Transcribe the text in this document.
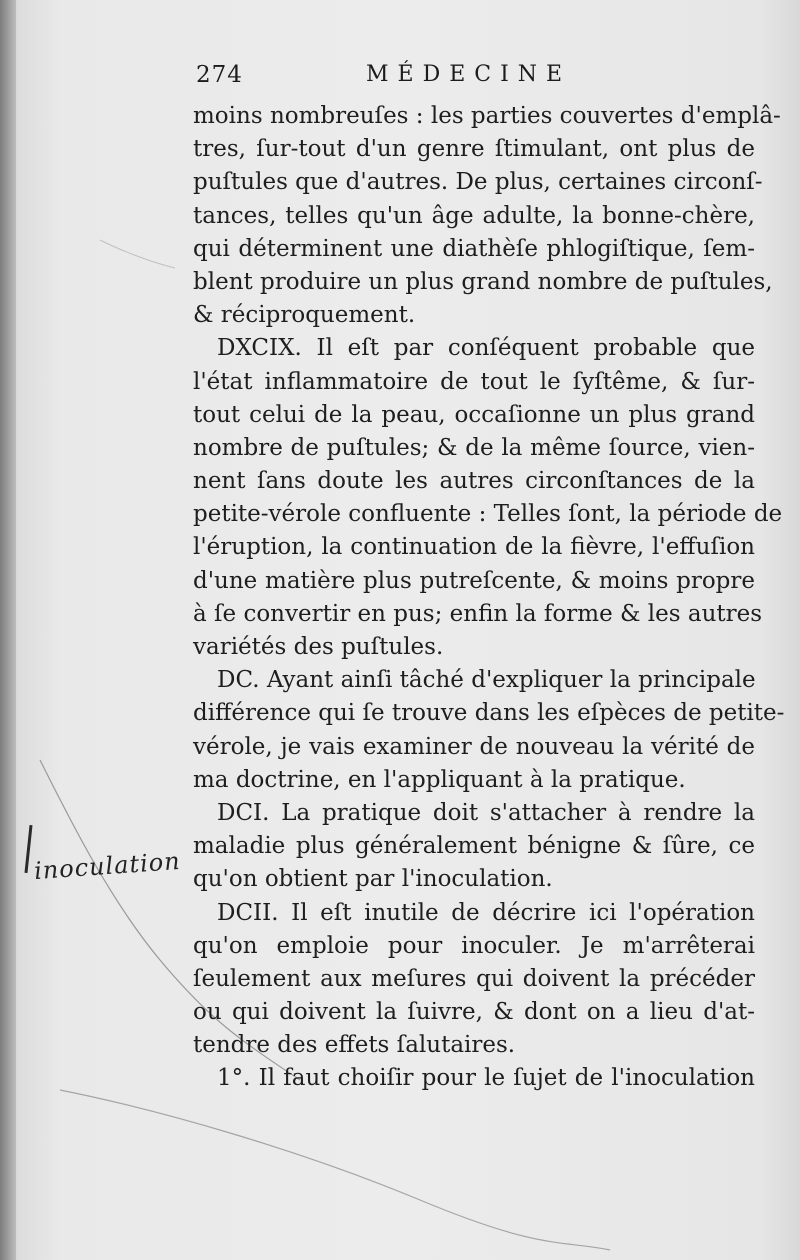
274	MÉDECINE
moins nombreuſes : les parties couvertes d'emplâ-
tres, ſur-tout d'un genre ſtimulant, ont plus de
puſtules que d'autres. De plus, certaines circonſ-
tances, telles qu'un âge adulte, la bonne-chère,
qui déterminent une diathèſe phlogiſtique, ſem-
blent produire un plus grand nombre de puſtules,
& réciproquement.
DXCIX. Il eſt par conſéquent probable que
l'état inflammatoire de tout le ſyſtême, & ſur-
tout celui de la peau, occaſionne un plus grand
nombre de puſtules; & de la même ſource, vien-
nent ſans doute les autres circonſtances de la
petite-vérole confluente : Telles ſont, la période de
l'éruption, la continuation de la fièvre, l'effuſion
d'une matière plus putreſcente, & moins propre
à ſe convertir en pus; enfin la forme & les autres
variétés des puſtules.
DC. Ayant ainſi tâché d'expliquer la principale
différence qui ſe trouve dans les eſpèces de petite-
vérole, je vais examiner de nouveau la vérité de
ma doctrine, en l'appliquant à la pratique.
DCI. La pratique doit s'attacher à rendre la
maladie plus généralement bénigne & ſûre, ce
qu'on obtient par l'inoculation.
DCII. Il eſt inutile de décrire ici l'opération
qu'on emploie pour inoculer. Je m'arrêterai
ſeulement aux meſures qui doivent la précéder
ou qui doivent la ſuivre, & dont on a lieu d'at-
tendre des effets ſalutaires.
1°. Il faut choiſir pour le ſujet de l'inoculation
inoculation
